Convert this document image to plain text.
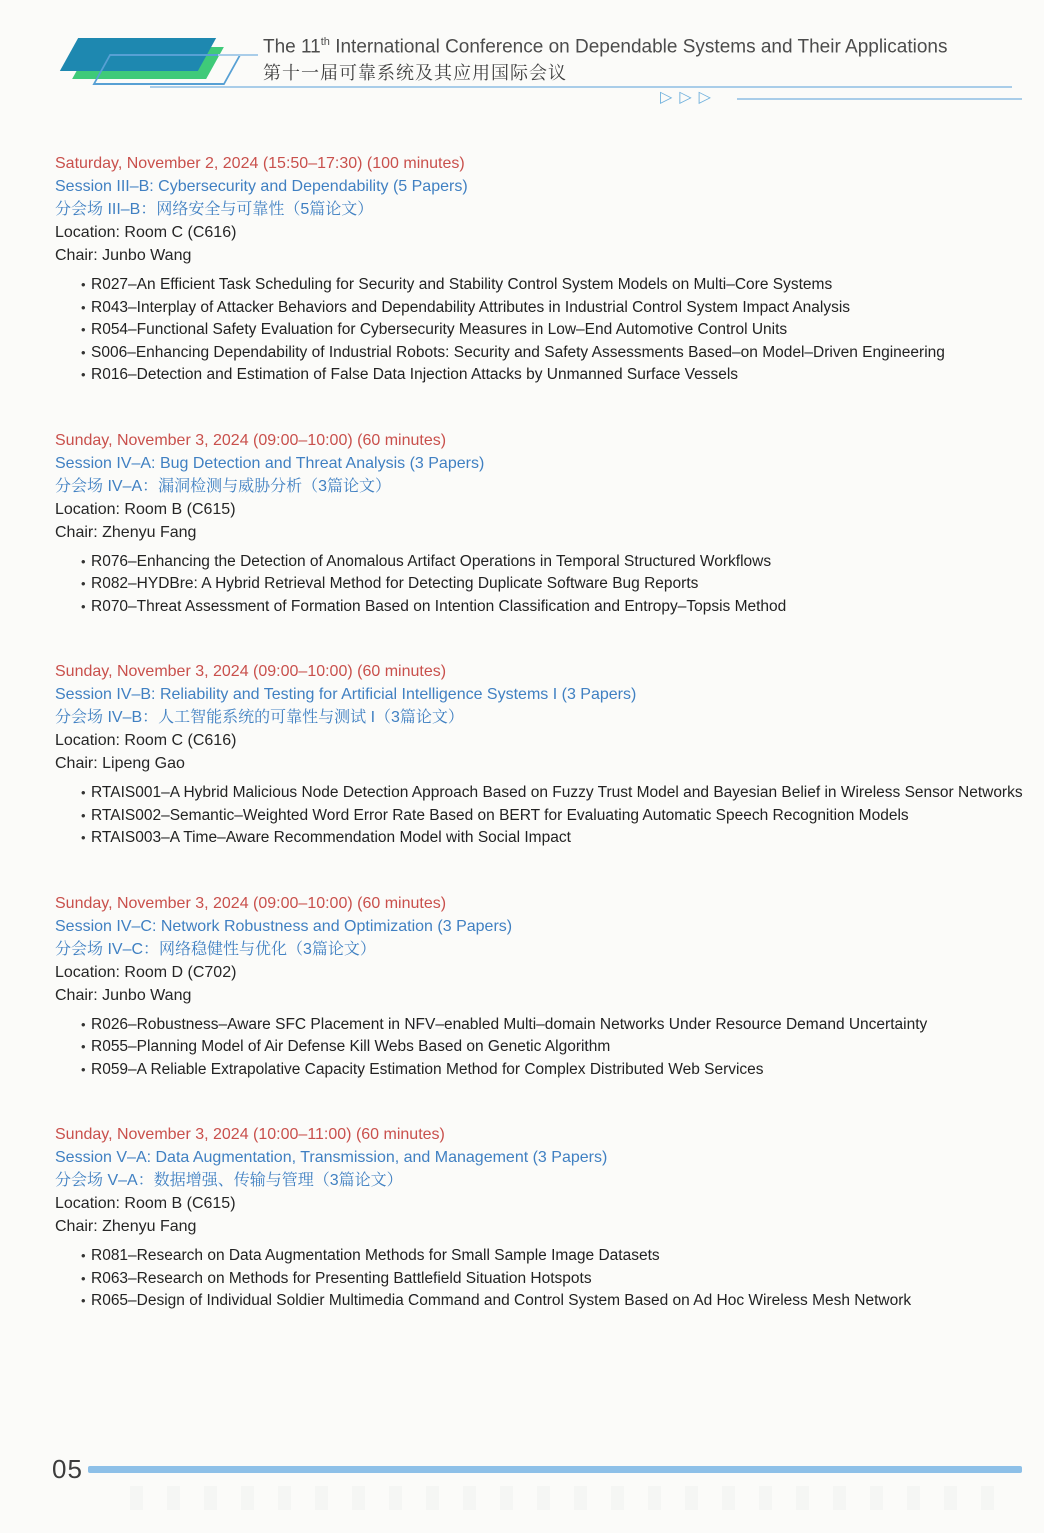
The 11th International Conference on Dependable Systems and Their Applications
第十一届可靠系统及其应用国际会议
▷ ▷ ▷
Saturday, November 2, 2024 (15:50–17:30) (100 minutes)
Session III–B: Cybersecurity and Dependability (5 Papers)
分会场 III–B：网络安全与可靠性（5篇论文）
Location: Room C (C616)
Chair: Junbo Wang
• R027–An Efficient Task Scheduling for Security and Stability Control System Models on Multi–Core Systems
• R043–Interplay of Attacker Behaviors and Dependability Attributes in Industrial Control System Impact Analysis
• R054–Functional Safety Evaluation for Cybersecurity Measures in Low–End Automotive Control Units
• S006–Enhancing Dependability of Industrial Robots: Security and Safety Assessments Based–on Model–Driven Engineering
• R016–Detection and Estimation of False Data Injection Attacks by Unmanned Surface Vessels
Sunday, November 3, 2024 (09:00–10:00) (60 minutes)
Session IV–A: Bug Detection and Threat Analysis (3 Papers)
分会场 IV–A：漏洞检测与威胁分析（3篇论文）
Location: Room B (C615)
Chair: Zhenyu Fang
• R076–Enhancing the Detection of Anomalous Artifact Operations in Temporal Structured Workflows
• R082–HYDBre: A Hybrid Retrieval Method for Detecting Duplicate Software Bug Reports
• R070–Threat Assessment of Formation Based on Intention Classification and Entropy–Topsis Method
Sunday, November 3, 2024 (09:00–10:00) (60 minutes)
Session IV–B: Reliability and Testing for Artificial Intelligence Systems I (3 Papers)
分会场 IV–B：人工智能系统的可靠性与测试 I（3篇论文）
Location: Room C (C616)
Chair: Lipeng Gao
• RTAIS001–A Hybrid Malicious Node Detection Approach Based on Fuzzy Trust Model and Bayesian Belief in Wireless Sensor Networks
• RTAIS002–Semantic–Weighted Word Error Rate Based on BERT for Evaluating Automatic Speech Recognition Models
• RTAIS003–A Time–Aware Recommendation Model with Social Impact
Sunday, November 3, 2024 (09:00–10:00) (60 minutes)
Session IV–C: Network Robustness and Optimization (3 Papers)
分会场 IV–C：网络稳健性与优化（3篇论文）
Location: Room D (C702)
Chair: Junbo Wang
• R026–Robustness–Aware SFC Placement in NFV–enabled Multi–domain Networks Under Resource Demand Uncertainty
• R055–Planning Model of Air Defense Kill Webs Based on Genetic Algorithm
• R059–A Reliable Extrapolative Capacity Estimation Method for Complex Distributed Web Services
Sunday, November 3, 2024 (10:00–11:00) (60 minutes)
Session V–A: Data Augmentation, Transmission, and Management (3 Papers)
分会场 V–A：数据增强、传输与管理（3篇论文）
Location: Room B (C615)
Chair: Zhenyu Fang
• R081–Research on Data Augmentation Methods for Small Sample Image Datasets
• R063–Research on Methods for Presenting Battlefield Situation Hotspots
• R065–Design of Individual Soldier Multimedia Command and Control System Based on Ad Hoc Wireless Mesh Network
05
